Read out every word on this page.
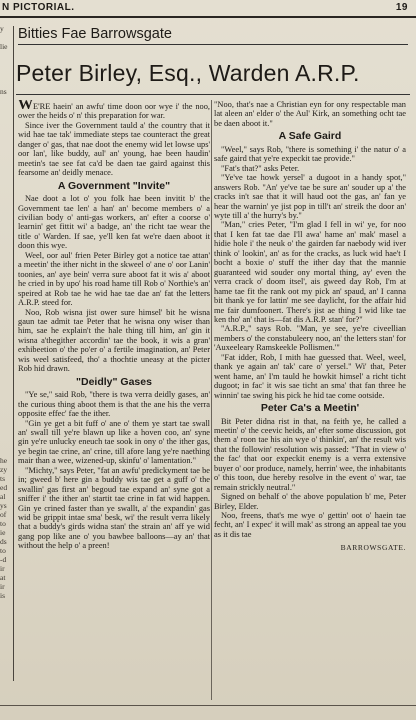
N PICTORIAL.	19
y

lie

ns

he
zy
ts
ed
al
ys
of
to
ie
ds
to
-d
ir
at
ir
is
Bitties Fae Barrowsgate
Peter Birley, Esq., Warden A.R.P.

WE'RE haein' an awfu' time doon oor wye i' the noo, ower the heids o' n' this preparation for war.

Since iver the Government tauld a' the country that it wid hae tae tak' immediate steps tae counteract the great danger o' gas, that nae doot the enemy wid let lowse ups' oor lan', like buddy, aul' an' young, hae been haudin' meetin's tae see fat ca'd be daen tae gaird against this fearsome an' deidly menace.

A Government "Invite"

Nae doot a lot o' you folk hae been invitit b' the Government tae len' a han' an' become members o' a civilian body o' anti-gas workers, an' efter a coorse o' learnin' get fittit wi' a badge, an' the richt tae wear the title o' Warden. If sae, ye'll ken fat we're daen aboot it doon this wye.

Weel, oor aul' frien Peter Birley got a notice tae attan' a meetin' the ither nicht in the skweel o' ane o' oor Lanin' toonies, an' aye bein' verra sure aboot fat it wis a' aboot he cried in by upo' his road hame till Rob o' Northie's an' speired at Rob tae he wid hae tae dae an' fat the letters A.R.P. steed for.

Noo, Rob wisna jist ower sure himsel' bit he wisna gaun tae admit tae Peter that he wisna ony wiser than him, sae he explain't the hale thing till him, an' gin it wisna a'thegither accordin' tae the book, it wis a gran' exhibeetion o' the po'er o' a fertile imagination, an' Peter wis weel satisfeed, tho' a thochtie uneasy at the picter Rob hid drawn.

"Deidly" Gases

"Ye se," said Rob, "there is twa verra deidly gases, an' the curious thing aboot them is that the ane his the verra opposite effec' fae the ither.

"Gin ye get a bit fuff o' ane o' them ye start tae swall an' swall till ye're blawn up like a hoven coo, an' syne gin ye're unlucky eneuch tae sook in ony o' the ither gas, ye begin tae crine, an' crine, till afore lang ye're naething mair than a wee, wizened-up, skinfu' o' lamentation."

"Michty," says Peter, "fat an awfu' predickyment tae be in; gweed b' here gin a buddy wis tae get a guff o' the swallin' gas first an' begoud tae expand an' syne got a sniffer i' the ither an' startit tae crine in fat wid happen. Gin ye crined faster than ye swallt, a' the expandin' gas wid be grippit intae sma' besk, wi' the result verra likely that a buddy's girds widna stan' the strain an' aff ye wid gang pop like ane o' you bawbee balloons—ay an' that without the help o' a preen!

"Noo, that's nae a Christian eyn for ony respectable man lat aleen an' elder o' the Aul' Kirk, an something ocht tae be daen aboot it."

A Safe Gaird

"Weel," says Rob, "there is something i' the natur o' a safe gaird that ye're expeckit tae provide."

"Fat's that?" asks Peter.

"Ye've tae howk yersel' a dugoot in a handy spot," answers Rob. "An' ye've tae be sure an' souder up a' the cracks in't sae that it will haud oot the gas, an' fan ye hear the warnin' ye jist pop in till't an' streik the door an' wyte till a' the hurry's by."

"Man," cries Peter, "I'm glad I fell in wi' ye, for noo that I ken fat tae dae I'll awa' hame an' mak' masel a hidie hole i' the neuk o' the gairden far naebody wid iver think o' lookin', an' as for the cracks, as luck wid hae't I bocht a boxie o' stuff the ither day that the mannie guaranteed wid souder ony mortal thing, ay' even the verra crack o' doom itsel', ais gweed day Rob, I'm at hame tae fit the rank oot my pick an' spaud, an' I canna bit thank ye for lattin' me see daylicht, for the affair hid me fair dumfoonert. There's jist ae thing I wid like tae ken tho' an' that is—fat dis A.R.P. stan' for?"

"A.R.P.," says Rob. "Man, ye see, ye're civeellian members o' the constabuleery noo, an' the letters stan' for 'Auxeeleary Ramskeekle Pollismen.'"

"Fat idder, Rob, I mith hae guessed that. Weel, weel, thank ye again an' tak' care o' yersel." Wi' that, Peter went hame, an' I'm tauld he howkit himsel' a richt ticht dugoot; in fac' it wis sae ticht an sma' that fan three he winnin' tae swing his pick he hid tae come ootside.

Peter Ca's a Meetin'

Bit Peter didna rist in that, na feith ye, he called a meetin' o' the ceevic heids, an' efter some discussion, got them a' roon tae his ain wye o' thinkin', an' the result wis that the followin' resolution wis passed: "That in view o' the fac' that oor expeckit enemy is a verra extensive buyer o' oor produce, namely, herrin' wee, the inhabitants o' this toon, due hereby resolve in the event o' war, tae remain strickly neutral."

Signed on behalf o' the above population b' me, Peter Birley, Elder.

Noo, freens, that's me wye o' gettin' oot o' haein tae fecht, an' I expec' it will mak' as strong an appeal tae you as it dis tae

BARROWSGATE.
